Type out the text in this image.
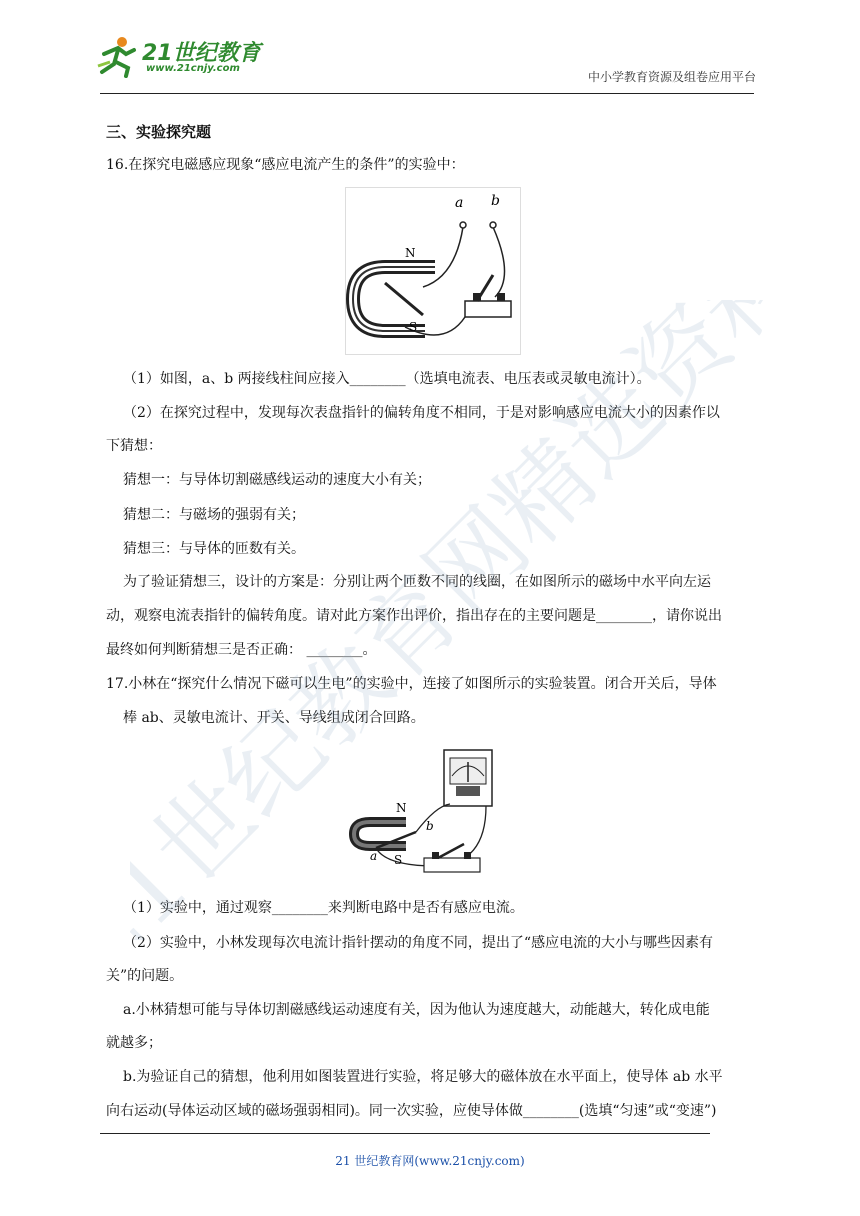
21世纪教育
www.21cnjy.com
中小学教育资源及组卷应用平台
三、实验探究题
16.在探究电磁感应现象“感应电流产生的条件”的实验中：
a b
N
S
（1）如图，a、b 两接线柱间应接入________（选填电流表、电压表或灵敏电流计）。
（2）在探究过程中，发现每次表盘指针的偏转角度不相同，于是对影响感应电流大小的因素作以
下猜想：
猜想一：与导体切割磁感线运动的速度大小有关；
猜想二：与磁场的强弱有关；
猜想三：与导体的匝数有关。
为了验证猜想三，设计的方案是：分别让两个匝数不同的线圈，在如图所示的磁场中水平向左运
动，观察电流表指针的偏转角度。请对此方案作出评价，指出存在的主要问题是________，请你说出
最终如何判断猜想三是否正确： ________。
17.小林在“探究什么情况下磁可以生电”的实验中，连接了如图所示的实验装置。闭合开关后，导体
棒 ab、灵敏电流计、开关、导线组成闭合回路。
N
S
a
b
（1）实验中，通过观察________来判断电路中是否有感应电流。
（2）实验中，小林发现每次电流计指针摆动的角度不同，提出了“感应电流的大小与哪些因素有
关”的问题。
a.小林猜想可能与导体切割磁感线运动速度有关，因为他认为速度越大，动能越大，转化成电能
就越多；
b.为验证自己的猜想，他利用如图装置进行实验，将足够大的磁体放在水平面上，使导体 ab 水平
向右运动(导体运动区域的磁场强弱相同)。同一次实验，应使导体做________(选填“匀速”或“变速”)
21世纪教育网精选资料
21 世纪教育网(www.21cnjy.com)
